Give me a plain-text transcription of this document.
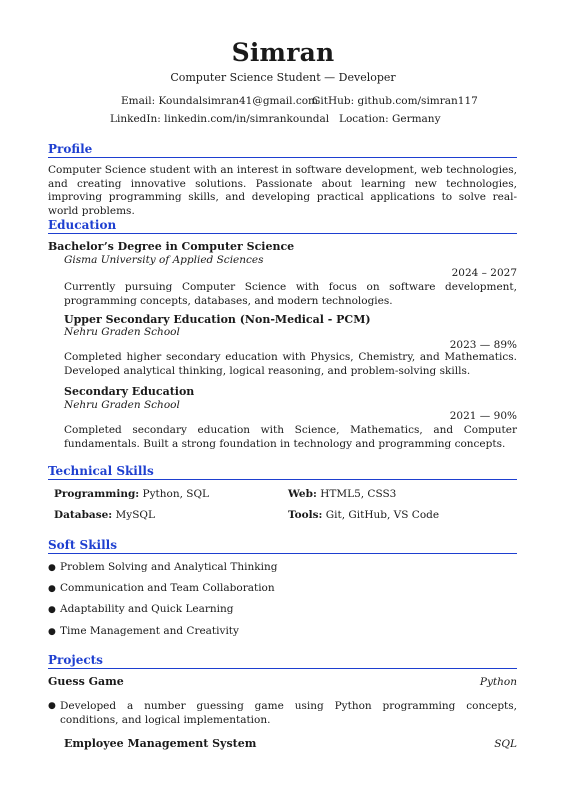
Simran
Computer Science Student — Developer
Email: Koundalsimran41@gmail.com
GitHub: github.com/simran117
LinkedIn: linkedin.com/in/simrankoundal Location: Germany
Profile
Computer Science student with an interest in software development, web technologies, and creating innovative solutions. Passionate about learning new technologies, improving programming skills, and developing practical applications to solve real-world problems.
Education
Bachelor’s Degree in Computer Science
Gisma University of Applied Sciences
2024 – 2027
Currently pursuing Computer Science with focus on software development, programming concepts, databases, and modern technologies.
Upper Secondary Education (Non-Medical - PCM)
Nehru Graden School
2023 — 89%
Completed higher secondary education with Physics, Chemistry, and Mathematics. Developed analytical thinking, logical reasoning, and problem-solving skills.
Secondary Education
Nehru Graden School
2021 — 90%
Completed secondary education with Science, Mathematics, and Computer fundamentals. Built a strong foundation in technology and programming concepts.
Technical Skills
Programming: Python, SQL	Web: HTML5, CSS3
Database: MySQL	Tools: Git, GitHub, VS Code
Soft Skills
● Problem Solving and Analytical Thinking
● Communication and Team Collaboration
● Adaptability and Quick Learning
● Time Management and Creativity
Projects
Guess Game	Python
● Developed a number guessing game using Python programming concepts, conditions, and logical implementation.
Employee Management System	SQL
